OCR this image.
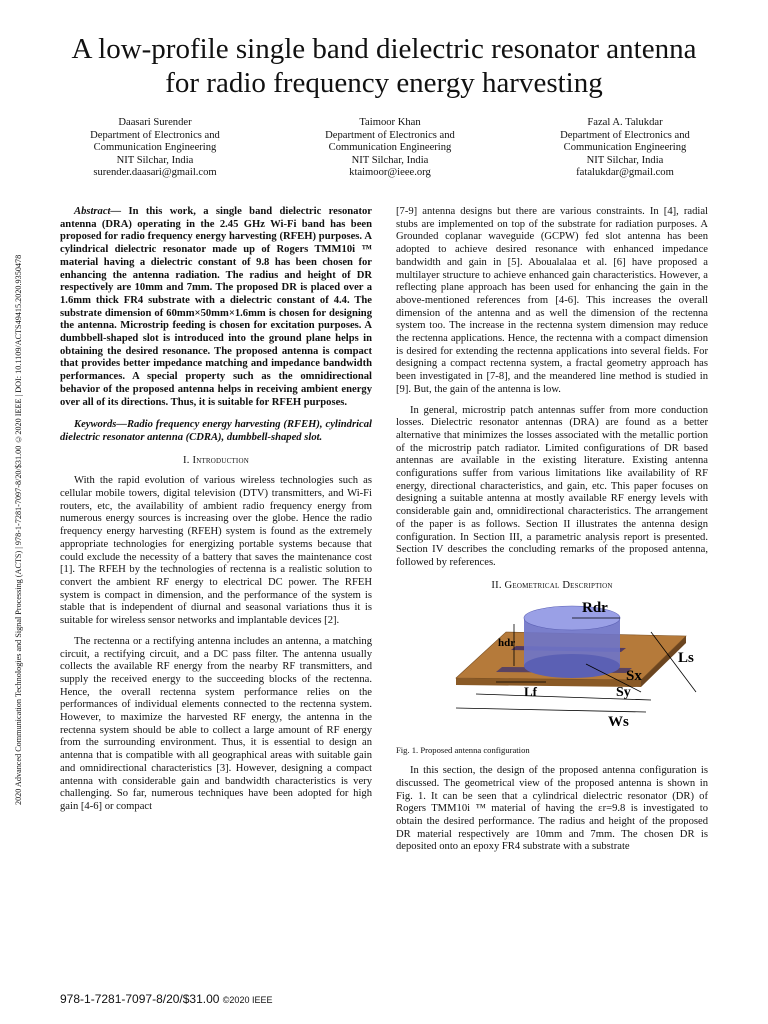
A low-profile single band dielectric resonator antenna for radio frequency energy harvesting
Daasari Surender
Department of Electronics and
Communication Engineering
NIT Silchar, India
surender.daasari@gmail.com
Taimoor Khan
Department of Electronics and
Communication Engineering
NIT Silchar, India
ktaimoor@ieee.org
Fazal A. Talukdar
Department of Electronics and
Communication Engineering
NIT Silchar, India
fatalukdar@gmail.com
2020 Advanced Communication Technologies and Signal Processing (ACTS) | 978-1-7281-7097-8/20/$31.00 ©2020 IEEE | DOI: 10.1109/ACTS49415.2020.9350478

Abstract— In this work, a single band dielectric resonator antenna (DRA) operating in the 2.45 GHz Wi-Fi band has been proposed for radio frequency energy harvesting (RFEH) purposes. A cylindrical dielectric resonator made up of Rogers TMM10i ™ material having a dielectric constant of 9.8 has been chosen for enhancing the antenna radiation. The radius and height of DR respectively are 10mm and 7mm. The proposed DR is placed over a 1.6mm thick FR4 substrate with a dielectric constant of 4.4. The substrate dimension of 60mm×50mm×1.6mm is chosen for designing the antenna. Microstrip feeding is chosen for excitation purposes. A dumbbell-shaped slot is introduced into the ground plane helps in obtaining the desired resonance. The proposed antenna is compact that provides better impedance matching and impedance bandwidth performances. A special property such as the omnidirectional behavior of the proposed antenna helps in receiving ambient energy over all of its directions. Thus, it is suitable for RFEH purposes.

Keywords—Radio frequency energy harvesting (RFEH), cylindrical dielectric resonator antenna (CDRA), dumbbell-shaped slot.

I. Introduction

With the rapid evolution of various wireless technologies such as cellular mobile towers, digital television (DTV) transmitters, and Wi-Fi routers, etc, the availability of ambient radio frequency energy from numerous energy sources is increasing over the globe. Hence the radio frequency energy harvesting (RFEH) system is found as the extremely appropriate technologies for energizing portable systems because that could exclude the necessity of a battery that saves the maintenance cost [1]. The RFEH by the technologies of rectenna is a realistic solution to convert the ambient RF energy to electrical DC power. The RFEH system is compact in dimension, and the performance of the system is stable that is independent of diurnal and seasonal variations thus it is suitable for wireless sensor networks and implantable devices [2].

The rectenna or a rectifying antenna includes an antenna, a matching circuit, a rectifying circuit, and a DC pass filter. The antenna usually collects the available RF energy from the nearby RF transmitters, and supply the received energy to the succeeding blocks of the rectenna. Hence, the overall rectenna system performance relies on the performances of individual elements connected to the rectenna system. However, to maximize the harvested RF energy, the antenna in the rectenna system should be able to collect a large amount of RF energy from the surrounding environment. Thus, it is essential to design an antenna that is compatible with all geographical areas with suitable gain and omnidirectional characteristics [3]. However, designing a compact antenna with considerable gain and bandwidth characteristics is very challenging. So far, numerous techniques have been adopted for high gain [4-6] or compact

[7-9] antenna designs but there are various constraints. In [4], radial stubs are implemented on top of the substrate for radiation purposes. A Grounded coplanar waveguide (GCPW) fed slot antenna has been adopted to achieve desired resonance with enhanced impedance bandwidth and gain in [5]. Aboualalaa et al. [6] have proposed a multilayer structure to achieve enhanced gain characteristics. However, a reflecting plane approach has been used for enhancing the gain in the above-mentioned references from [4-6]. This increases the overall dimension of the antenna and as well the dimension of the rectenna system too. The increase in the rectenna system dimension may reduce the rectenna applications. Hence, the rectenna with a compact dimension is desired for extending the rectenna applications into several fields. For designing a compact rectenna system, a fractal geometry approach has been investigated in [7-8], and the meandered line method is studied in [9]. But, the gain of the antenna is low.

In general, microstrip patch antennas suffer from more conduction losses. Dielectric resonator antennas (DRA) are found as a better alternative that minimizes the losses associated with the metallic portion of the microstrip patch radiator. Limited configurations of DR based antennas are available in the existing literature. Existing antenna configurations suffer from various limitations like availability of RF energy, directional characteristics, and gain, etc. This paper focuses on designing a suitable antenna at mostly available RF energy levels with considerable gain and, omnidirectional characteristics. The arrangement of the paper is as follows. Section II illustrates the antenna design configuration. In Section III, a parametric analysis report is presented. Section IV describes the concluding remarks of the proposed antenna, followed by references.

II. Geometrical Description
Rdr
hdr
Ls
Sx
Lf	Sy
Ws

Fig. 1. Proposed antenna configuration

In this section, the design of the proposed antenna configuration is discussed. The geometrical view of the proposed antenna is shown in Fig. 1. It can be seen that a cylindrical dielectric resonator (DR) of Rogers TMM10i ™ material of having the εr=9.8 is investigated to obtain the desired performance. The radius and height of the proposed DR material respectively are 10mm and 7mm. The chosen DR is deposited onto an epoxy FR4 substrate with a substrate

978-1-7281-7097-8/20/$31.00 ©2020 IEEE
